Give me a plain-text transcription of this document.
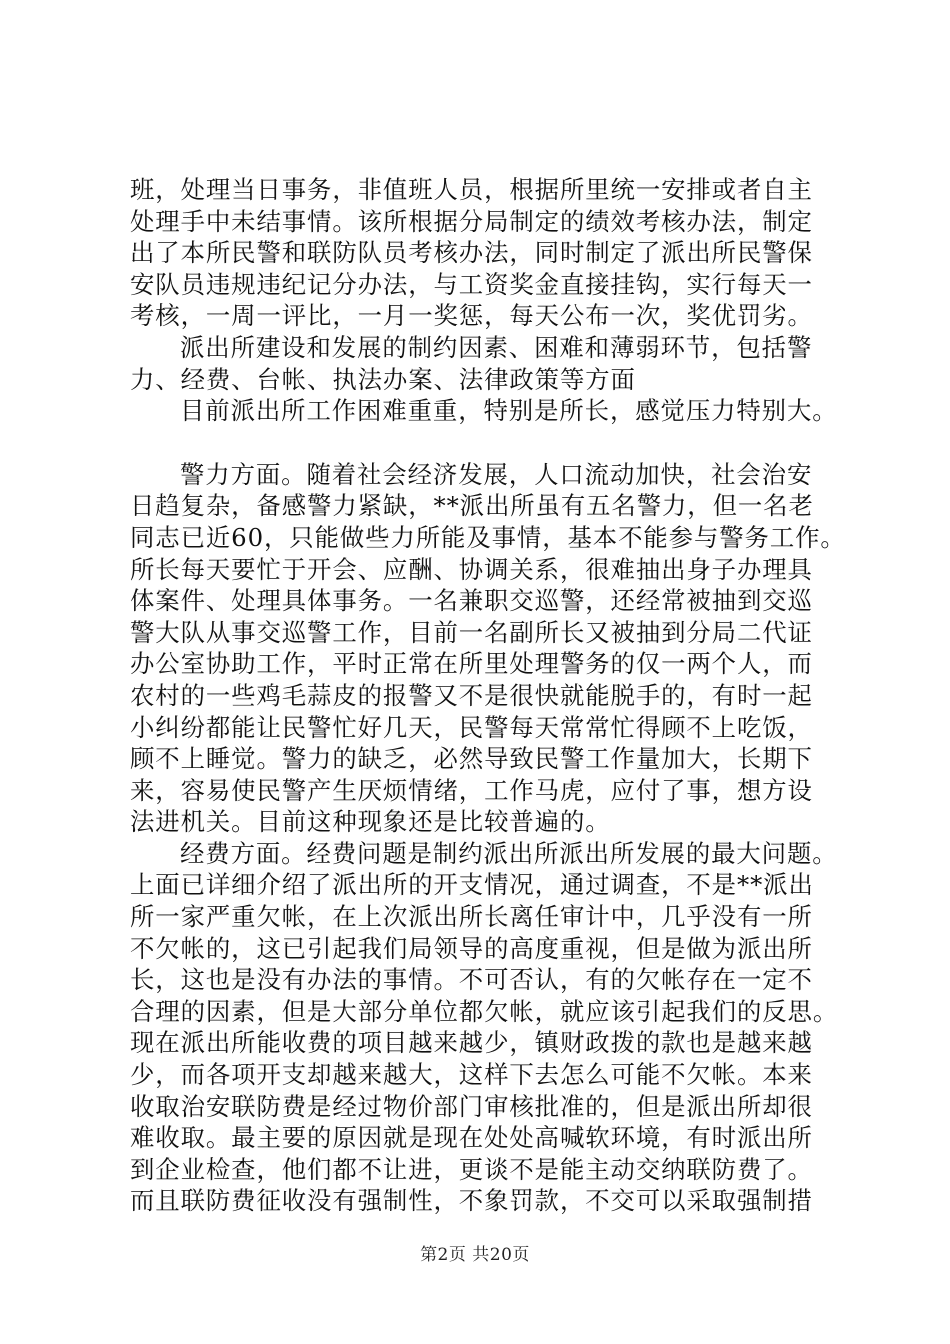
班，处理当日事务，非值班人员，根据所里统一安排或者自主
处理手中未结事情。该所根据分局制定的绩效考核办法，制定
出了本所民警和联防队员考核办法，同时制定了派出所民警保
安队员违规违纪记分办法，与工资奖金直接挂钩，实行每天一
考核，一周一评比，一月一奖惩，每天公布一次，奖优罚劣。
派出所建设和发展的制约因素、困难和薄弱环节，包括警
力、经费、台帐、执法办案、法律政策等方面
目前派出所工作困难重重，特别是所长，感觉压力特别大。
警力方面。随着社会经济发展，人口流动加快，社会治安
日趋复杂，备感警力紧缺，**派出所虽有五名警力，但一名老
同志已近60，只能做些力所能及事情，基本不能参与警务工作。
所长每天要忙于开会、应酬、协调关系，很难抽出身子办理具
体案件、处理具体事务。一名兼职交巡警，还经常被抽到交巡
警大队从事交巡警工作，目前一名副所长又被抽到分局二代证
办公室协助工作，平时正常在所里处理警务的仅一两个人，而
农村的一些鸡毛蒜皮的报警又不是很快就能脱手的，有时一起
小纠纷都能让民警忙好几天，民警每天常常忙得顾不上吃饭，
顾不上睡觉。警力的缺乏，必然导致民警工作量加大，长期下
来，容易使民警产生厌烦情绪，工作马虎，应付了事，想方设
法进机关。目前这种现象还是比较普遍的。
经费方面。经费问题是制约派出所派出所发展的最大问题。
上面已详细介绍了派出所的开支情况，通过调查，不是**派出
所一家严重欠帐，在上次派出所长离任审计中，几乎没有一所
不欠帐的，这已引起我们局领导的高度重视，但是做为派出所
长，这也是没有办法的事情。不可否认，有的欠帐存在一定不
合理的因素，但是大部分单位都欠帐，就应该引起我们的反思。
现在派出所能收费的项目越来越少，镇财政拨的款也是越来越
少，而各项开支却越来越大，这样下去怎么可能不欠帐。本来
收取治安联防费是经过物价部门审核批准的，但是派出所却很
难收取。最主要的原因就是现在处处高喊软环境，有时派出所
到企业检查，他们都不让进，更谈不是能主动交纳联防费了。
而且联防费征收没有强制性，不象罚款，不交可以采取强制措
第2页 共20页
